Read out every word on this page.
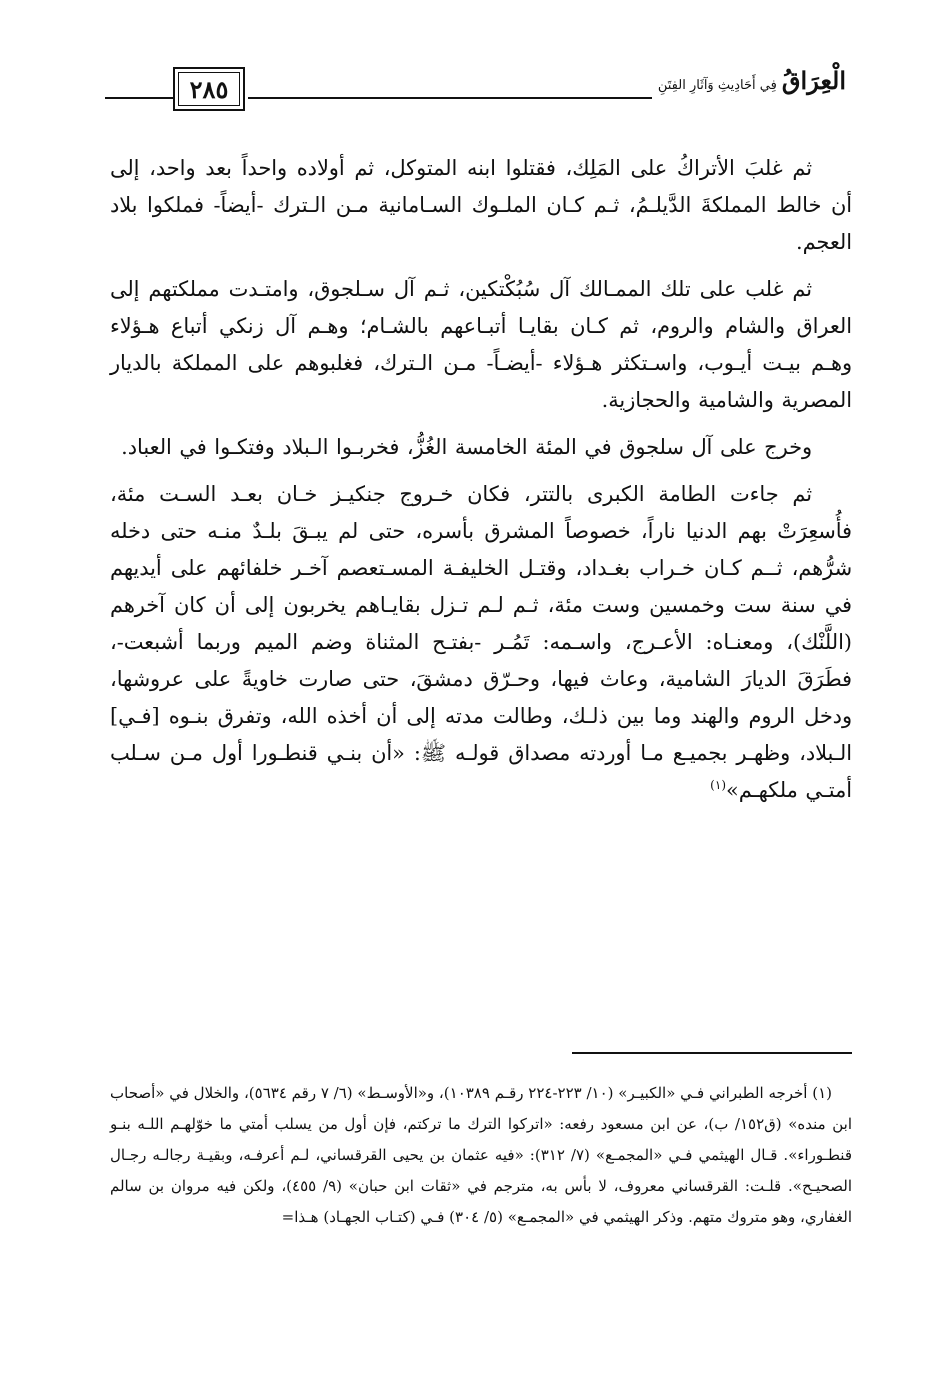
٢٨٥	الْعِرَاقُ فِي أَحَادِيثِ وَآثَارِ الفِتَنِ

ثم غلبَ الأتراكُ على المَلِك، فقتلوا ابنه المتوكل، ثم أولاده واحداً بعد واحد، إلى أن خالط المملكةَ الدَّيلـمُ، ثـم كـان الملـوك السـامانية مـن الـترك -أيضاً- فملكوا بلاد العجم.

ثم غلب على تلك الممـالك آل سُبُكْتكين، ثـم آل سـلجوق، وامتـدت مملكتهم إلى العراق والشام والروم، ثم كـان بقايـا أتبـاعهم بالشـام؛ وهـم آل زنكي أتباع هـؤلاء وهـم بيـت أيـوب، واسـتكثر هـؤلاء -أيضـاً- مـن الـترك، فغلبوهم على المملكة بالديار المصرية والشامية والحجازية.

وخرج على آل سلجوق في المئة الخامسة الغُزُّ، فخربـوا الـبلاد وفتكـوا في العباد.

ثم جاءت الطامة الكبرى بالتتر، فكان خـروج جنكيـز خـان بعـد السـت مئة، فأُسعِرَتْ بهم الدنيا ناراً، خصوصاً المشرق بأسره، حتى لم يبـقَ بلـدٌ منـه حتى دخله شرُّهم، ثــم كـان خـراب بغـداد، وقتـل الخليفـة المسـتعصم آخـر خلفائهم على أيديهم في سنة ست وخمسين وست مئة، ثـم لـم تـزل بقايـاهم يخربون إلى أن كان آخرهم (اللَّنْك)، ومعنـاه: الأعـرج، واسـمه: تَمُـر -بفتـح المثناة وضم الميم وربما أشبعت-، فطَرَقَ الديارَ الشامية، وعاث فيها، وحـرّق دمشقَ، حتى صارت خاويةً على عروشها، ودخل الروم والهند وما بين ذلـك، وطالت مدته إلى أن أخذه الله، وتفرق بنـوه [فـي] الـبلاد، وظهـر بجميـع مـا أوردته مصداق قولـه ﷺ: «أن بنـي قنطـورا أول مـن سـلب أمتـي ملكهـم»$^{(١)}$

(١) أخرجه الطبراني فـي «الكبيـر» (١٠/ ٢٢٣-٢٢٤ رقـم ١٠٣٨٩)، و«الأوسـط» (٦/ ٧ رقم ٥٦٣٤)، والخلال في «أصحاب ابن منده» (ق١٥٢/ ب)، عن ابن مسعود رفعه: «اتركوا الترك ما تركتم، فإن أول من يسلب أمتي ما خوّلهـم اللـه بنـو قنطـوراء». قـال الهيثمي فـي «المجمـع» (٧/ ٣١٢): «فيه عثمان بن يحيى القرقساني، لـم أعرفـه، وبقيـة رجالـه رجـال الصحيـح». قلـت: القرقساني معروف، لا بأس به، مترجم في «ثقات ابن حبان» (٩/ ٤٥٥)، ولكن فيه مروان بن سالم الغفاري، وهو متروك متهم. وذكر الهيثمي في «المجمـع» (٥/ ٣٠٤) فـي (كتـاب الجهـاد) هـذا=
